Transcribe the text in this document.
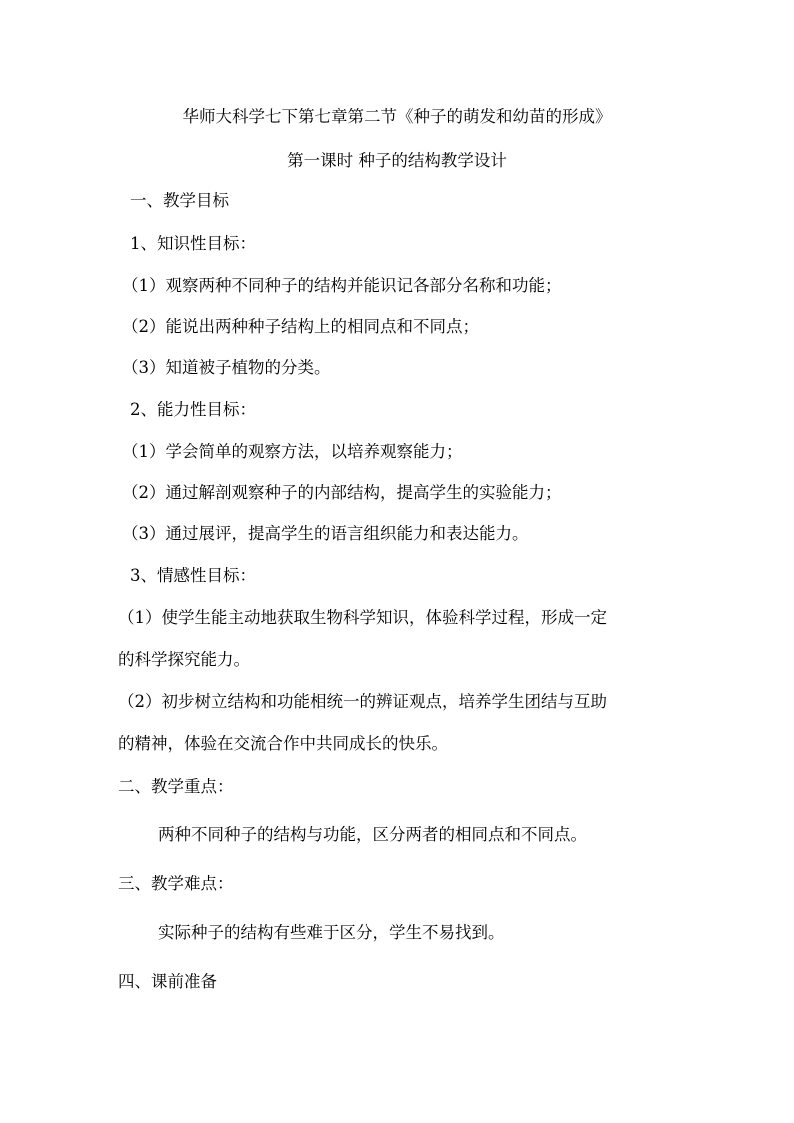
华师大科学七下第七章第二节《种子的萌发和幼苗的形成》
第一课时 种子的结构教学设计
一、教学目标
1、知识性目标：
（1）观察两种不同种子的结构并能识记各部分名称和功能；
（2）能说出两种种子结构上的相同点和不同点；
（3）知道被子植物的分类。
2、能力性目标：
（1）学会简单的观察方法，以培养观察能力；
（2）通过解剖观察种子的内部结构，提高学生的实验能力；
（3）通过展评，提高学生的语言组织能力和表达能力。
3、情感性目标：
（1）使学生能主动地获取生物科学知识，体验科学过程，形成一定
的科学探究能力。
（2）初步树立结构和功能相统一的辨证观点，培养学生团结与互助
的精神，体验在交流合作中共同成长的快乐。
二、教学重点：
两种不同种子的结构与功能，区分两者的相同点和不同点。
三、教学难点：
实际种子的结构有些难于区分，学生不易找到。
四、课前准备
